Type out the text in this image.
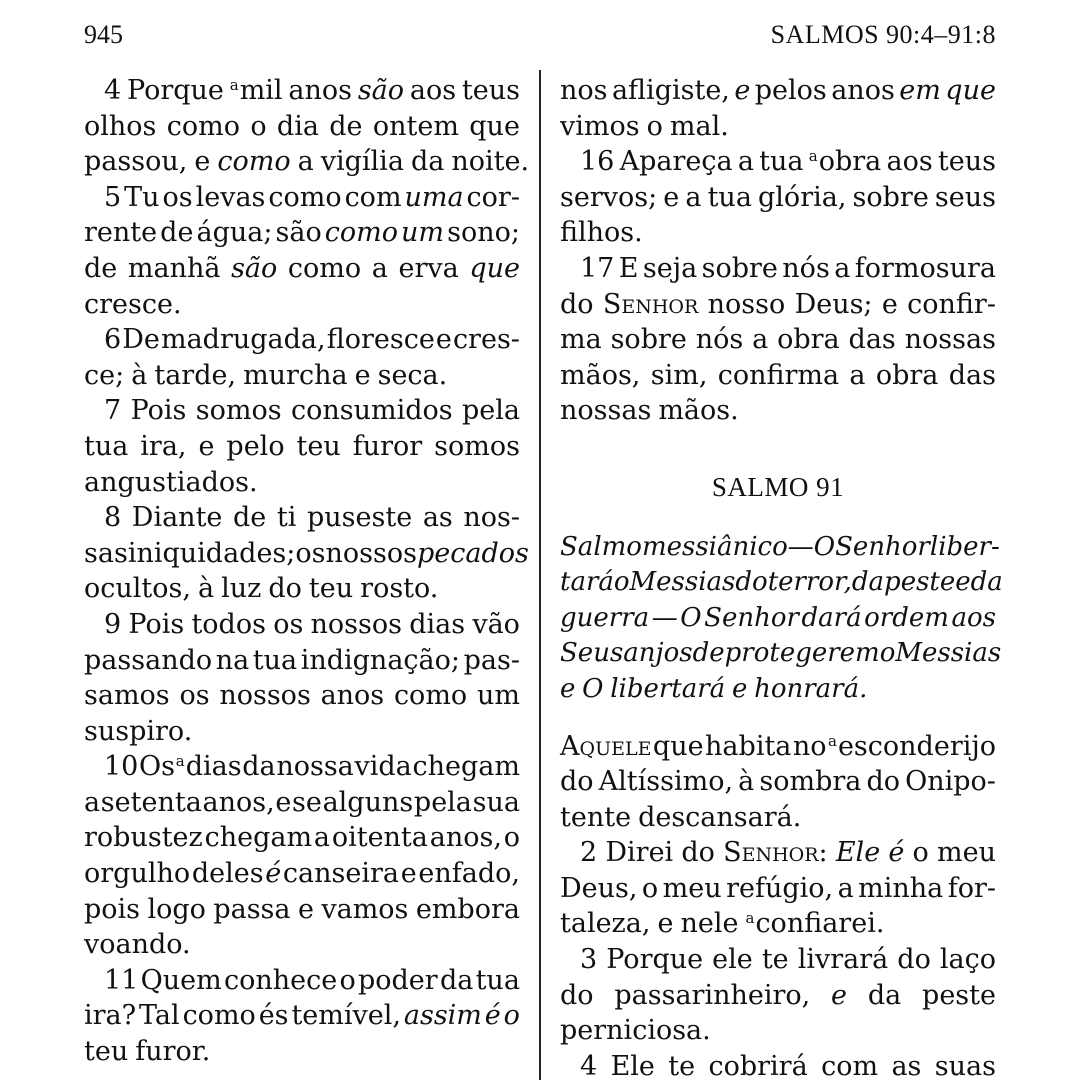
945	SALMOS 90:4–91:8
4 Porque $^a$mil anos são aos teus
olhos como o dia de ontem que
passou, e como a vigília da noite.
5 Tu os levas como com uma cor-
rente de água; são como um sono;
de manhã são como a erva que
cresce.
6 De madrugada, floresce e cres-
ce; à tarde, murcha e seca.
7 Pois somos consumidos pela
tua ira, e pelo teu furor somos
angustiados.
8 Diante de ti puseste as nos-
sas iniquidades; os nossos pecados
ocultos, à luz do teu rosto.
9 Pois todos os nossos dias vão
passando na tua indignação; pas-
samos os nossos anos como um
suspiro.
10 Os $^a$dias da nossa vida chegam
a setenta anos, e se alguns pela sua
robustez chegam a oitenta anos, o
orgulho deles é canseira e enfado,
pois logo passa e vamos embora
voando.
11 Quem conhece o poder da tua
ira? Tal como és temível, assim é o
teu furor.
nos afligiste, e pelos anos em que
vimos o mal.
16 Apareça a tua $^a$obra aos teus
servos; e a tua glória, sobre seus
filhos.
17 E seja sobre nós a formosura
do Senhor nosso Deus; e confir-
ma sobre nós a obra das nossas
mãos, sim, confirma a obra das
nossas mãos.
SALMO 91
Salmo messiânico — O Senhor liber-
tará o Messias do terror, da peste e da
guerra — O Senhor dará ordem aos
Seus anjos de protegerem o Messias
e O libertará e honrará.
Aquele que habita no $^a$esconderijo
do Altíssimo, à sombra do Onipo-
tente descansará.
2 Direi do Senhor: Ele é o meu
Deus, o meu refúgio, a minha for-
taleza, e nele $^a$confiarei.
3 Porque ele te livrará do laço
do passarinheiro, e da peste
perniciosa.
4 Ele te cobrirá com as suas
